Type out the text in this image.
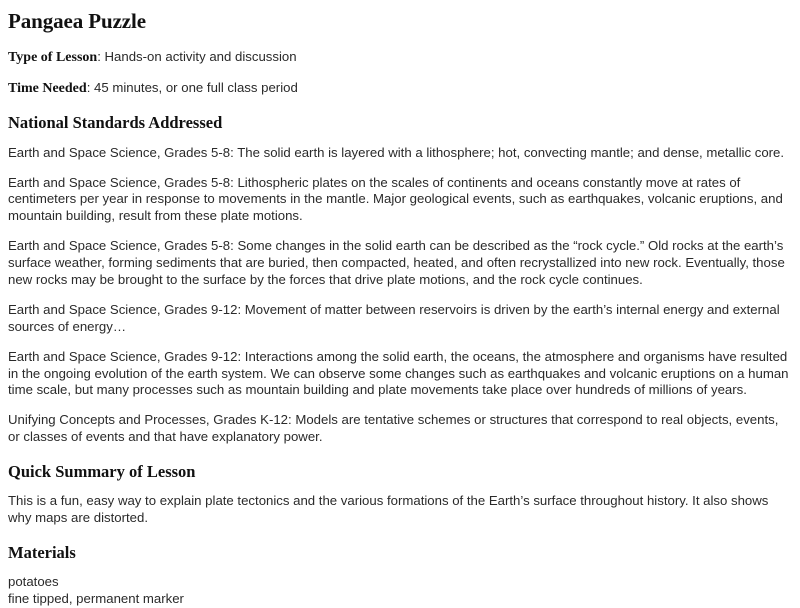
Pangaea Puzzle

Type of Lesson: Hands-on activity and discussion

Time Needed: 45 minutes, or one full class period

National Standards Addressed

Earth and Space Science, Grades 5-8: The solid earth is layered with a lithosphere; hot, convecting mantle; and dense, metallic core.

Earth and Space Science, Grades 5-8: Lithospheric plates on the scales of continents and oceans constantly move at rates of centimeters per year in response to movements in the mantle. Major geological events, such as earthquakes, volcanic eruptions, and mountain building, result from these plate motions.

Earth and Space Science, Grades 5-8: Some changes in the solid earth can be described as the “rock cycle.” Old rocks at the earth’s surface weather, forming sediments that are buried, then compacted, heated, and often recrystallized into new rock. Eventually, those new rocks may be brought to the surface by the forces that drive plate motions, and the rock cycle continues.

Earth and Space Science, Grades 9-12: Movement of matter between reservoirs is driven by the earth’s internal energy and external sources of energy…

Earth and Space Science, Grades 9-12: Interactions among the solid earth, the oceans, the atmosphere and organisms have resulted in the ongoing evolution of the earth system. We can observe some changes such as earthquakes and volcanic eruptions on a human time scale, but many processes such as mountain building and plate movements take place over hundreds of millions of years.

Unifying Concepts and Processes, Grades K-12: Models are tentative schemes or structures that correspond to real objects, events, or classes of events and that have explanatory power.

Quick Summary of Lesson

This is a fun, easy way to explain plate tectonics and the various formations of the Earth’s surface throughout history. It also shows why maps are distorted.

Materials
potatoes
fine tipped, permanent marker
